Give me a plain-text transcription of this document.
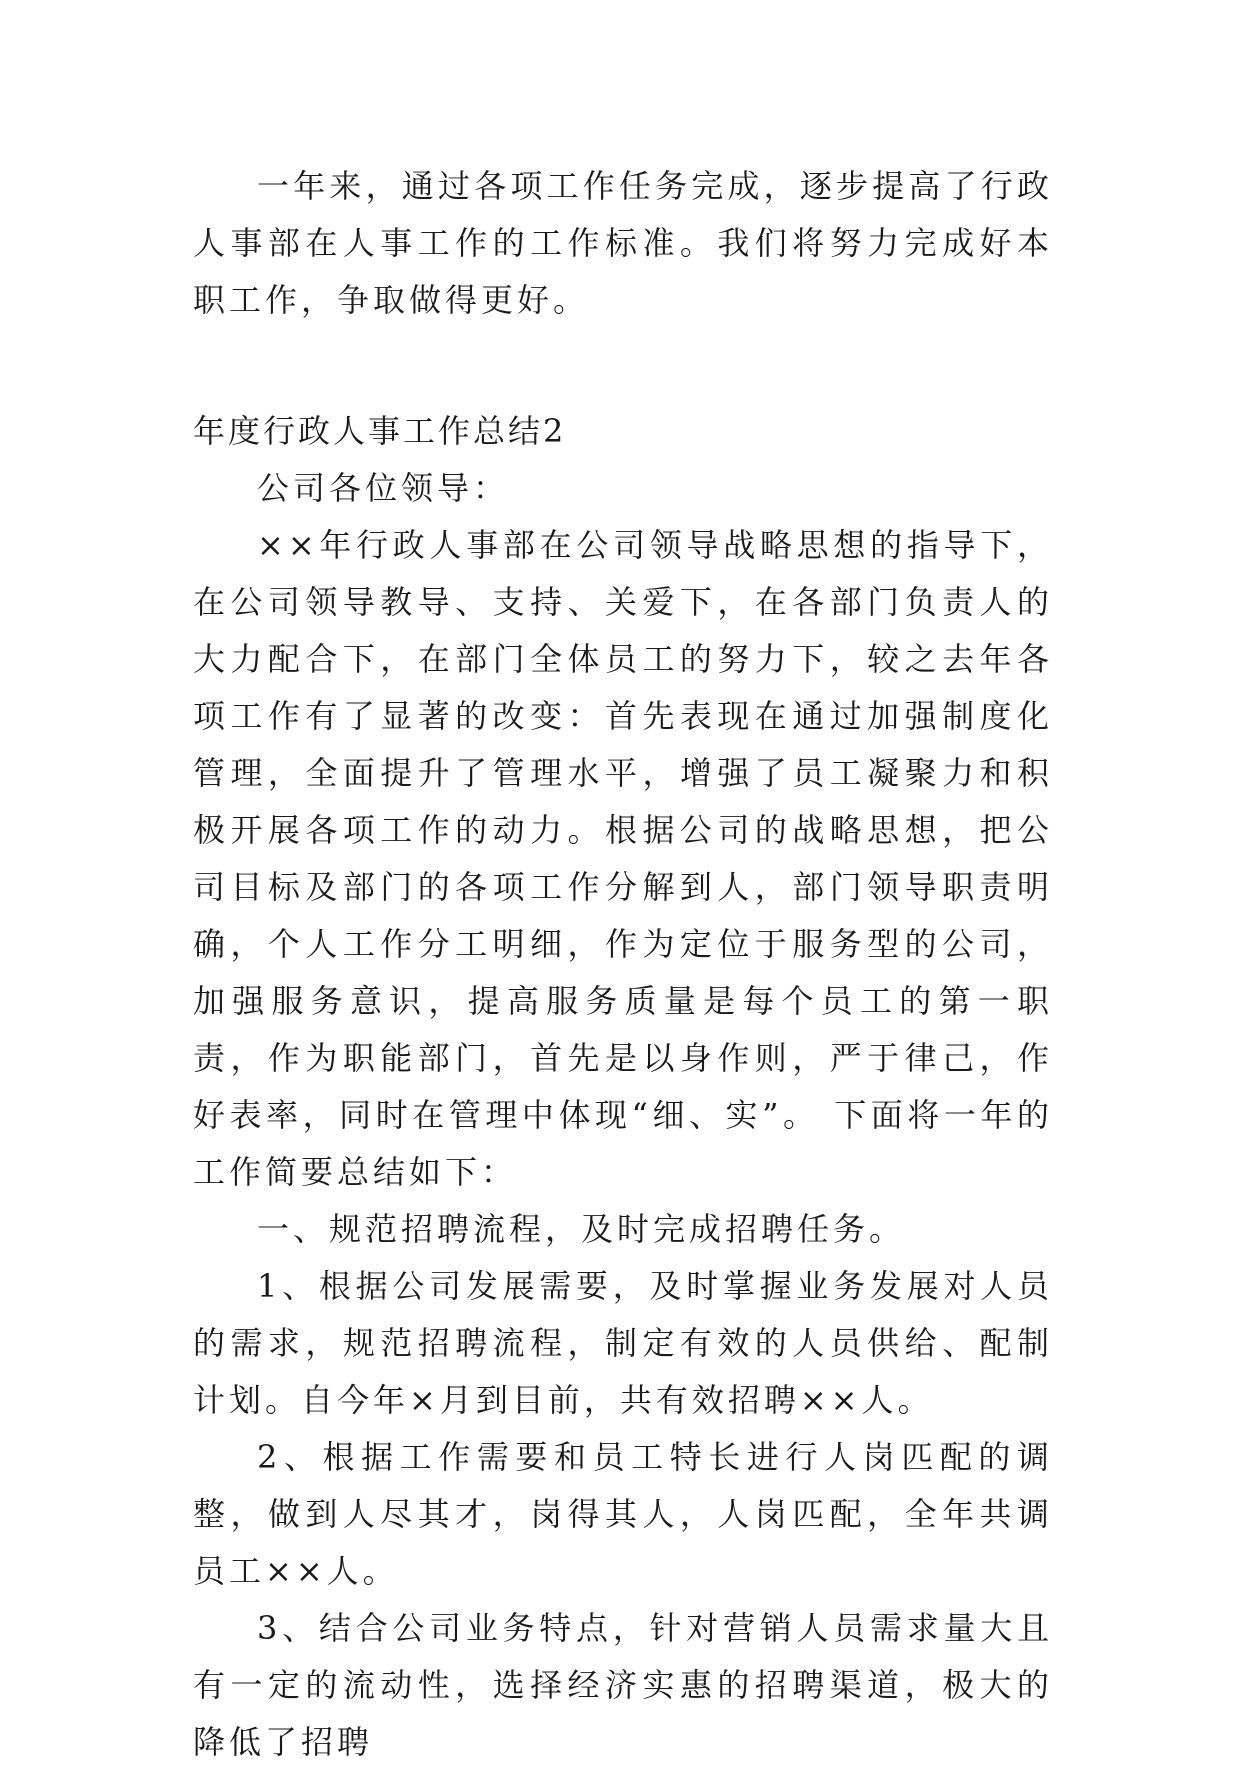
一年来，通过各项工作任务完成，逐步提高了行政人事部在人事工作的工作标准。我们将努力完成好本职工作，争取做得更好。

年度行政人事工作总结2

公司各位领导：

××年行政人事部在公司领导战略思想的指导下，在公司领导教导、支持、关爱下，在各部门负责人的大力配合下，在部门全体员工的努力下，较之去年各项工作有了显著的改变：首先表现在通过加强制度化管理，全面提升了管理水平，增强了员工凝聚力和积极开展各项工作的动力。根据公司的战略思想，把公司目标及部门的各项工作分解到人，部门领导职责明确，个人工作分工明细，作为定位于服务型的公司，加强服务意识，提高服务质量是每个员工的第一职责，作为职能部门，首先是以身作则，严于律己，作好表率，同时在管理中体现“细、实”。 下面将一年的工作简要总结如下：

一、规范招聘流程，及时完成招聘任务。

1、根据公司发展需要，及时掌握业务发展对人员的需求，规范招聘流程，制定有效的人员供给、配制计划。自今年×月到目前，共有效招聘××人。

2、根据工作需要和员工特长进行人岗匹配的调整，做到人尽其才，岗得其人，人岗匹配，全年共调员工××人。

3、结合公司业务特点，针对营销人员需求量大且有一定的流动性，选择经济实惠的招聘渠道，极大的降低了招聘
